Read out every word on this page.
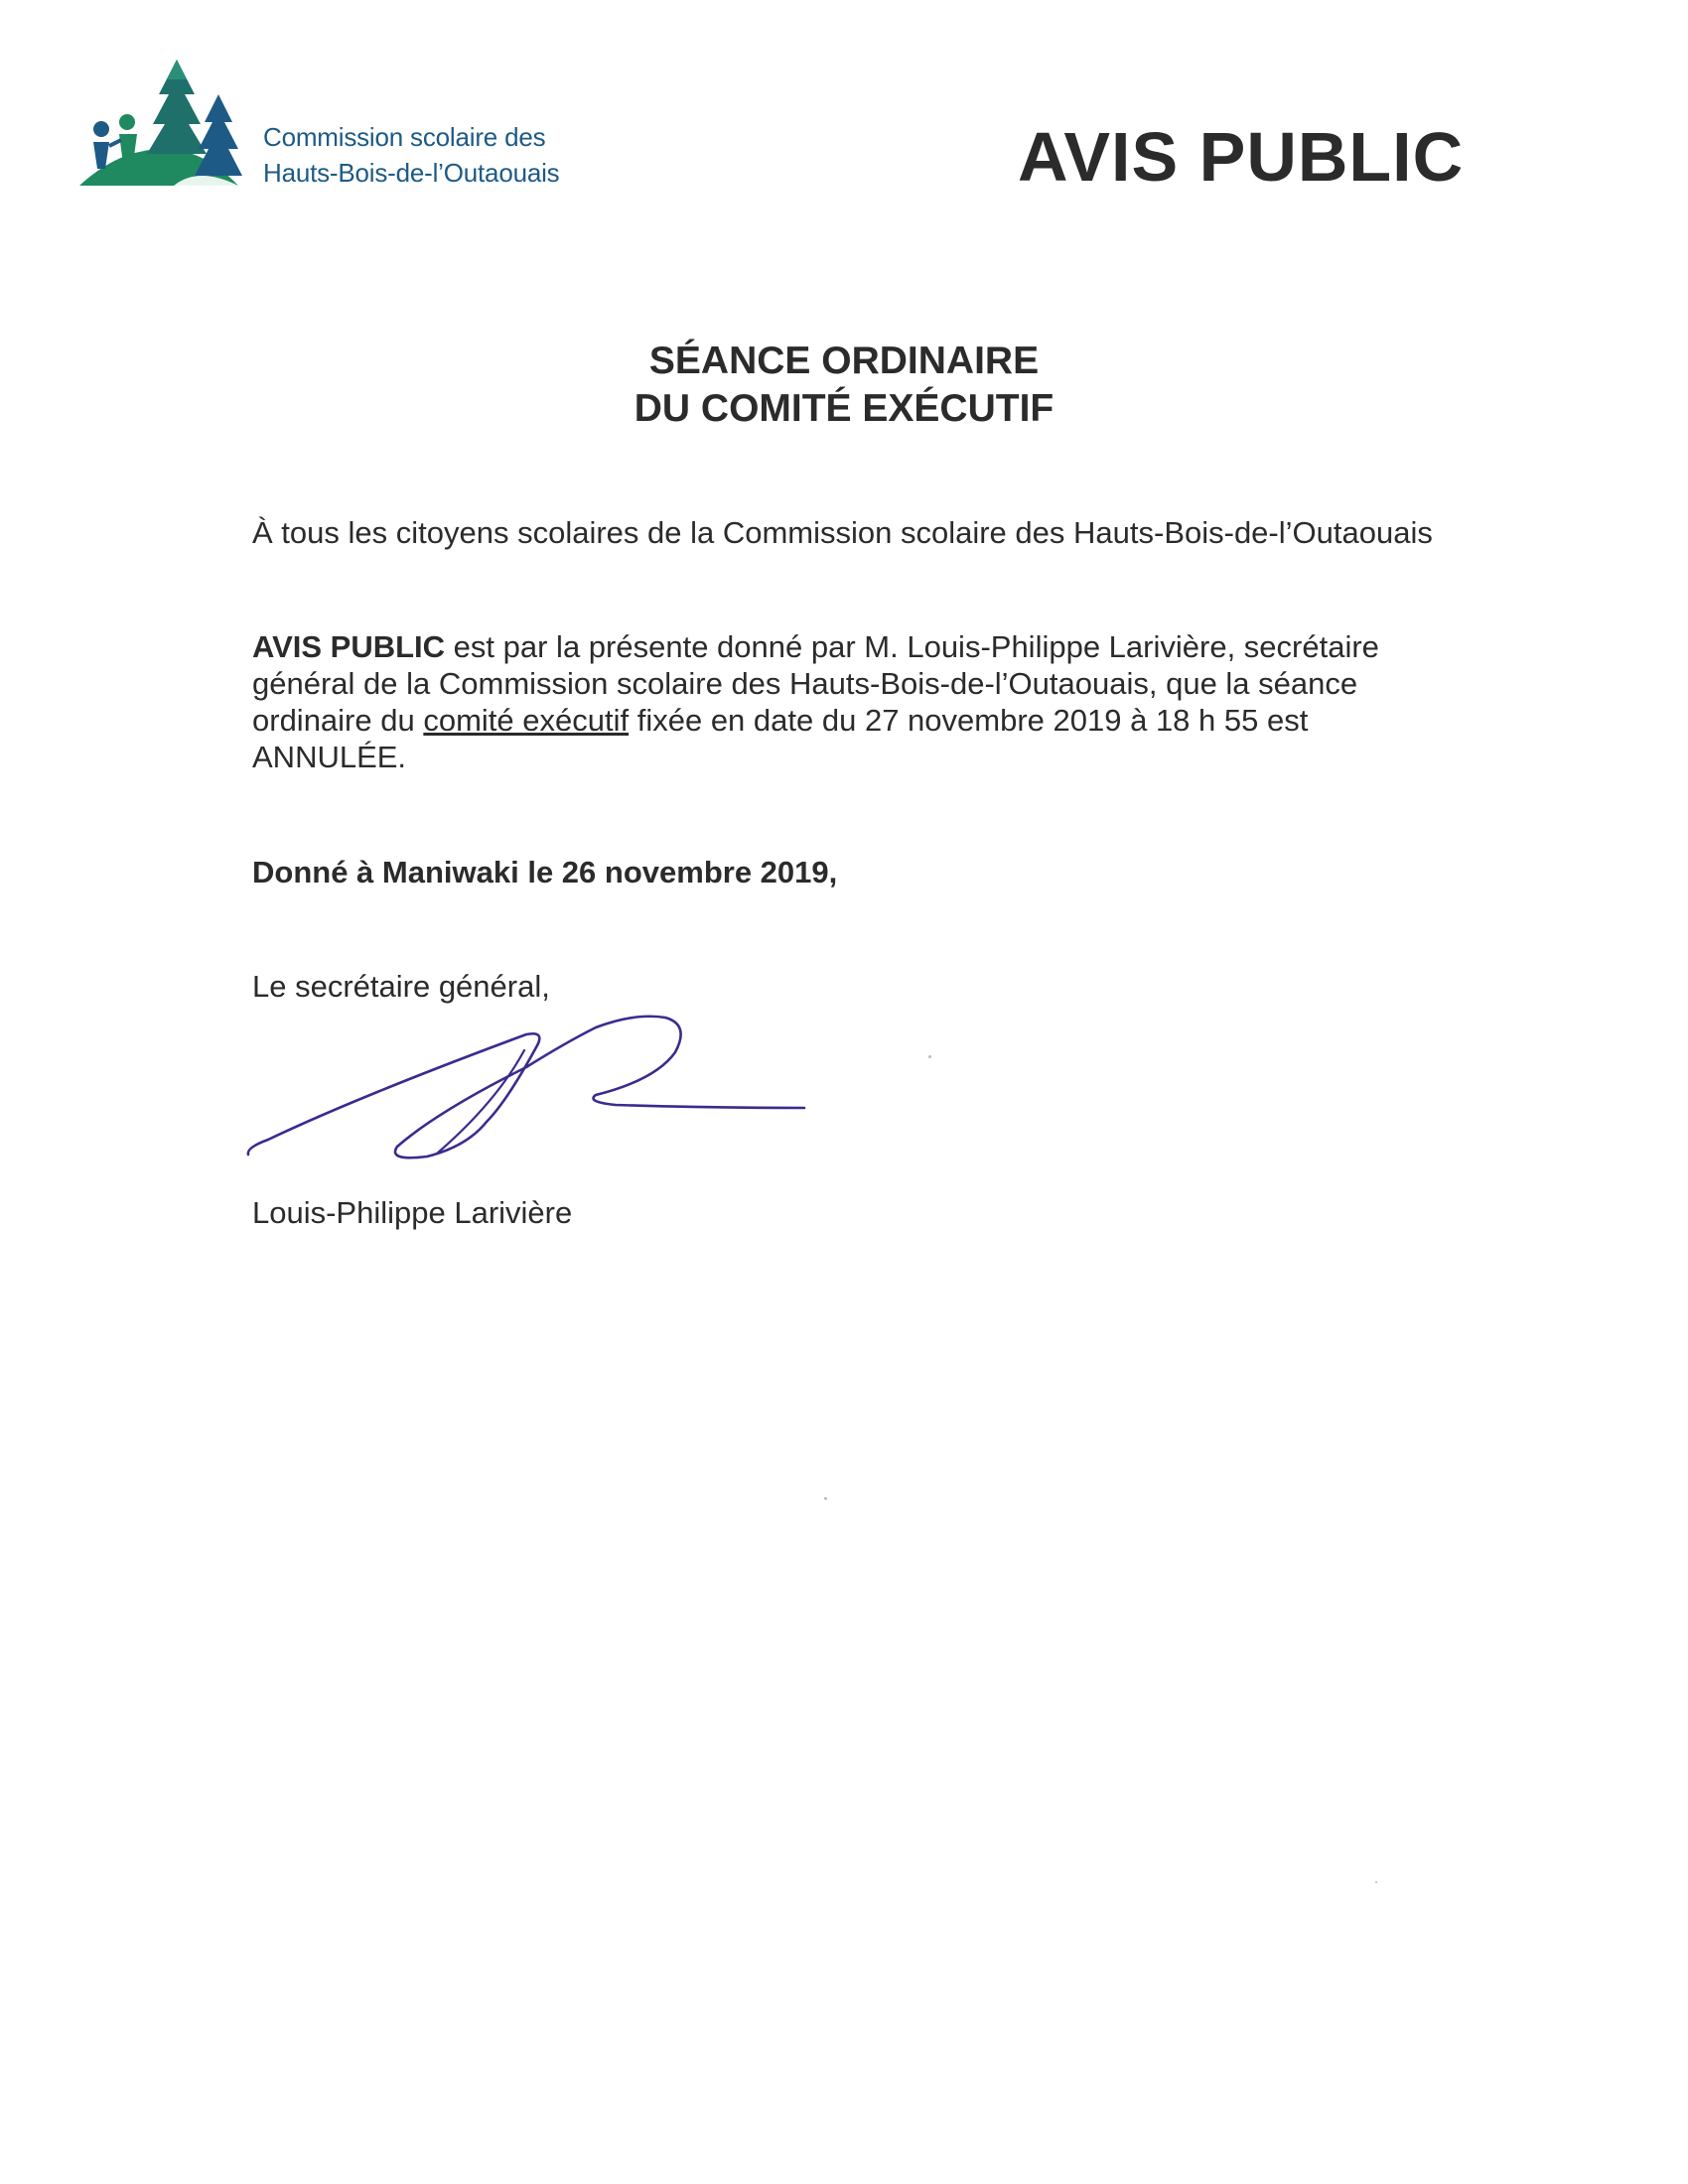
Commission scolaire des
Hauts-Bois-de-l’Outaouais	AVIS PUBLIC
SÉANCE ORDINAIRE
DU COMITÉ EXÉCUTIF
À tous les citoyens scolaires de la Commission scolaire des Hauts-Bois-de-l’Outaouais
AVIS PUBLIC est par la présente donné par M. Louis-Philippe Larivière, secrétaire général de la Commission scolaire des Hauts-Bois-de-l’Outaouais, que la séance ordinaire du comité exécutif fixée en date du 27 novembre 2019 à 18 h 55 est ANNULÉE.
Donné à Maniwaki le 26 novembre 2019,
Le secrétaire général,
Louis-Philippe Larivière
